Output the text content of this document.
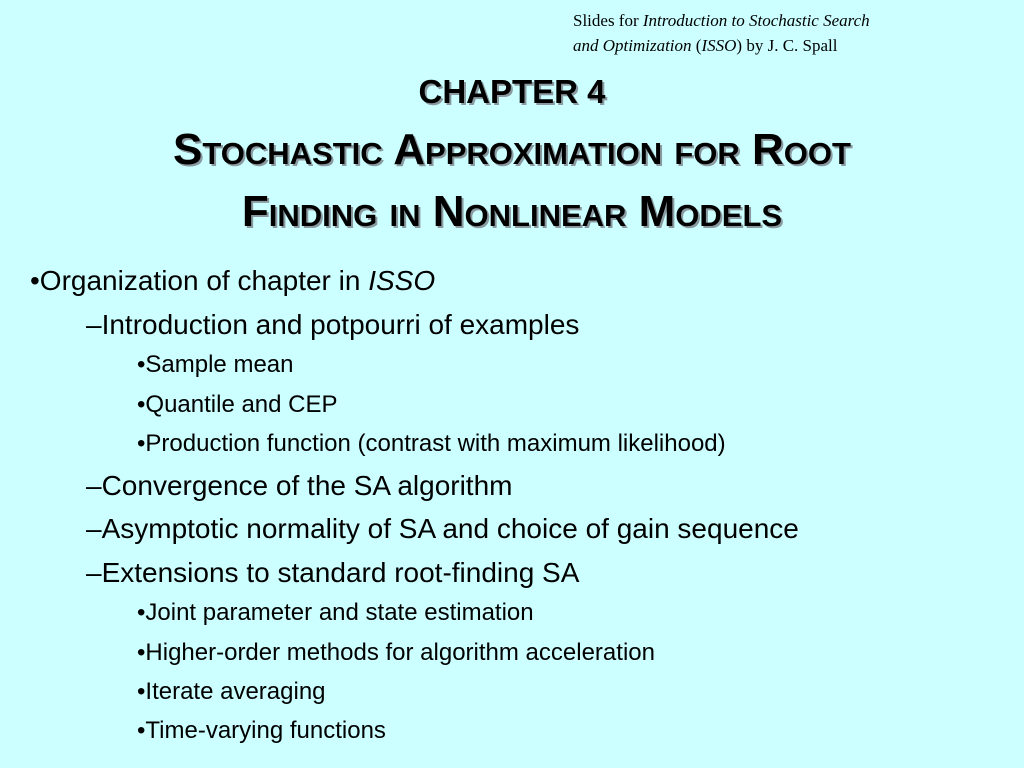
Slides for Introduction to Stochastic Search
and Optimization (ISSO) by J. C. Spall
CHAPTER 4
Stochastic Approximation for Root
Finding in Nonlinear Models
•Organization of chapter in ISSO
–Introduction and potpourri of examples
•Sample mean
•Quantile and CEP
•Production function (contrast with maximum likelihood)
–Convergence of the SA algorithm
–Asymptotic normality of SA and choice of gain sequence
–Extensions to standard root-finding SA
•Joint parameter and state estimation
•Higher-order methods for algorithm acceleration
•Iterate averaging
•Time-varying functions
